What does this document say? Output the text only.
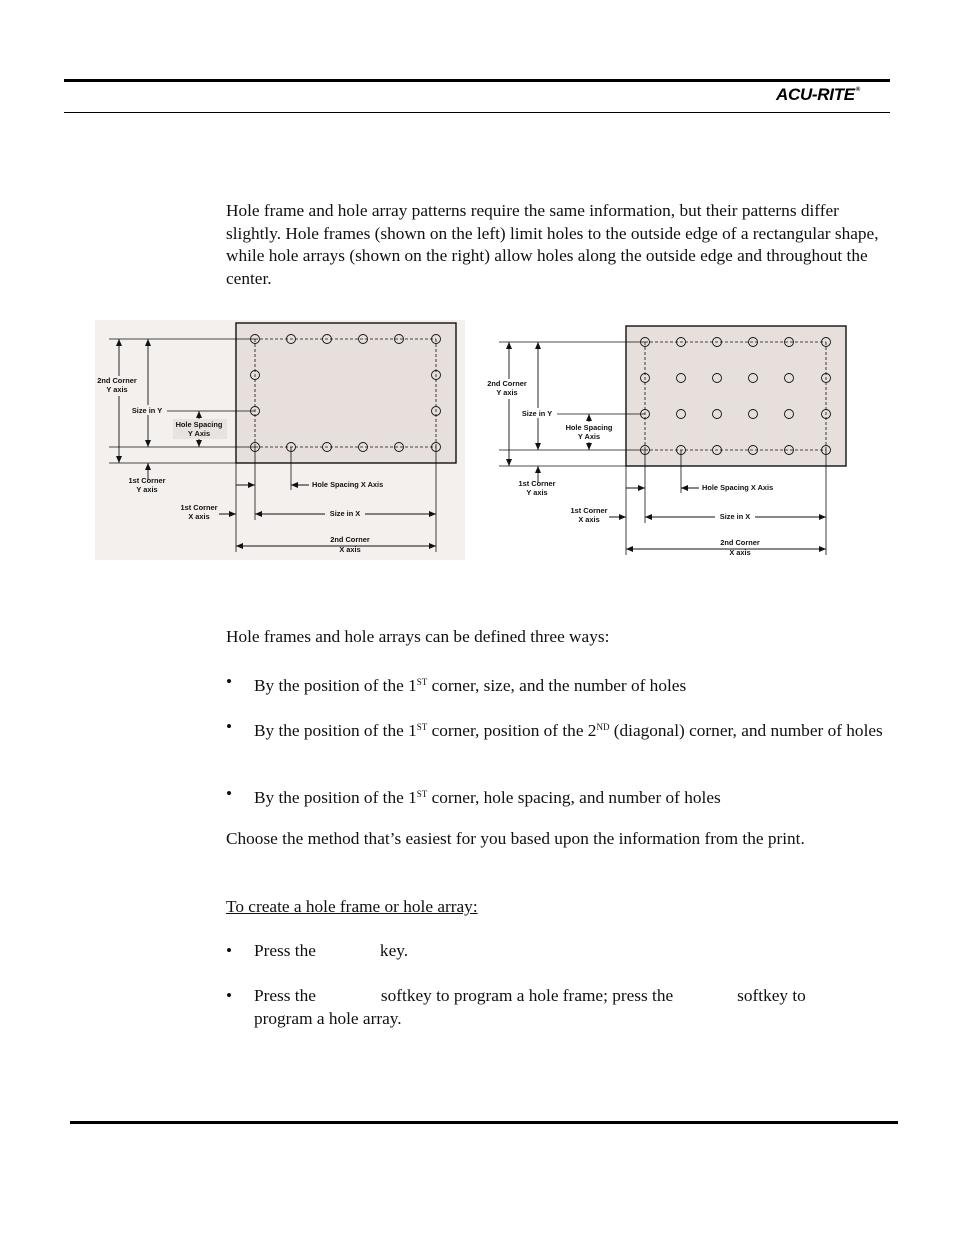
ACU-RITE®

Hole frame and hole array patterns require the same information, but their patterns differ slightly. Hole frames (shown on the left) limit holes to the outside edge of a rectangular shape, while hole arrays (shown on the right) allow holes along the outside edge and throughout the center.

2nd Corner
Y axis
Size in Y
Hole Spacing
Y Axis
1st Corner
Y axis
1st Corner
X axis
Hole Spacing X Axis
Size in X
2nd Corner
X axis
2nd Corner
Y axis
Size in Y
Hole Spacing
Y Axis
1st Corner
Y axis
1st Corner
X axis
Hole Spacing X Axis
Size in X
2nd Corner
X axis

Hole frames and hole arrays can be defined three ways:

• By the position of the 1ST corner, size, and the number of holes
• By the position of the 1ST corner, position of the 2ND (diagonal) corner, and number of holes
• By the position of the 1ST corner, hole spacing, and number of holes

Choose the method that’s easiest for you based upon the information from the print.

To create a hole frame or hole array:

• Press the	key.
• Press the	softkey to program a hole frame; press the	softkey to
program a hole array.
